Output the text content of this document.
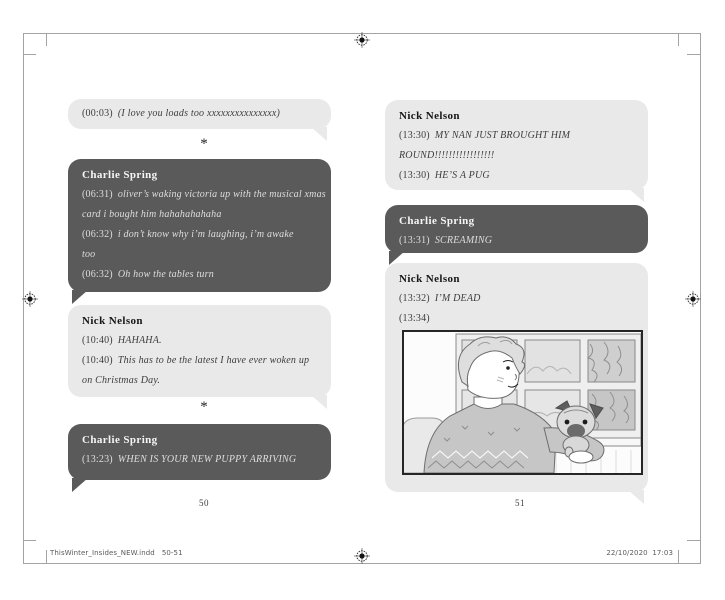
(00:03) (I love you loads too xxxxxxxxxxxxxxx)
*
Charlie Spring
(06:31) oliver’s waking victoria up with the musical xmas
card i bought him hahahahahaha
(06:32) i don’t know why i’m laughing, i’m awake
too
(06:32) Oh how the tables turn
Nick Nelson
(10:40) HAHAHA.
(10:40) This has to be the latest I have ever woken up
on Christmas Day.
*
Charlie Spring
(13:23) WHEN IS YOUR NEW PUPPY ARRIVING
50
Nick Nelson
(13:30) MY NAN JUST BROUGHT HIM
ROUND!!!!!!!!!!!!!!!!!
(13:30) HE’S A PUG
Charlie Spring
(13:31) SCREAMING
Nick Nelson
(13:32) I’M DEAD
(13:34)
51
ThisWinter_Insides_NEW.indd   50-51	22/10/2020  17:03
